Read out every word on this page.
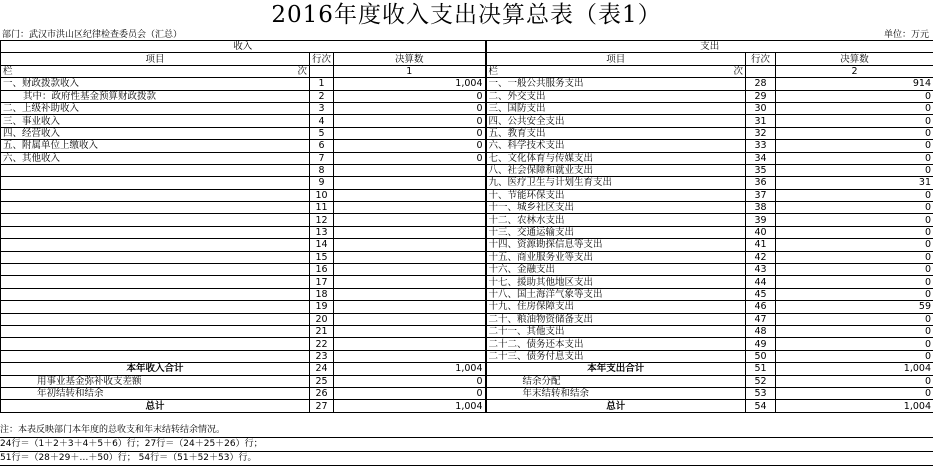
2016年度收入支出决算总表（表1）
部门：武汉市洪山区纪律检查委员会（汇总）	单位：万元
收入			支出		
项目	行次	决算数	项目	行次	决算数

栏 次		1	栏 次		2
一、财政拨款收入	1	1,004	一、一般公共服务支出	28	914
其中：政府性基金预算财政拨款	2	0	二、外交支出	29	0
二、上级补助收入	3	0	三、国防支出	30	0
三、事业收入	4	0	四、公共安全支出	31	0
四、经营收入	5	0	五、教育支出	32	0
五、附属单位上缴收入	6	0	六、科学技术支出	33	0
六、其他收入	7	0	七、文化体育与传媒支出	34	0
	8		八、社会保障和就业支出	35	0
	9		九、医疗卫生与计划生育支出	36	31
	10		十、节能环保支出	37	0
	11		十一、城乡社区支出	38	0
	12		十二、农林水支出	39	0
	13		十三、交通运输支出	40	0
	14		十四、资源勘探信息等支出	41	0
	15		十五、商业服务业等支出	42	0
	16		十六、金融支出	43	0
	17		十七、援助其他地区支出	44	0
	18		十八、国土海洋气象等支出	45	0
	19		十九、住房保障支出	46	59
	20		二十、粮油物资储备支出	47	0
	21		二十一、其他支出	48	0
	22		二十二、债务还本支出	49	0
	23		二十三、债务付息支出	50	0
本年收入合计	24	1,004	本年支出合计	51	1,004
用事业基金弥补收支差额	25	0	结余分配	52	0
年初结转和结余	26	0	年末结转和结余	53	0
总计	27	1,004	总计	54	1,004
注：本表反映部门本年度的总收支和年末结转结余情况。
24行＝（1＋2＋3＋4＋5＋6）行；27行＝（24＋25＋26）行；
51行＝（28＋29＋…＋50）行； 54行＝（51＋52＋53）行。
